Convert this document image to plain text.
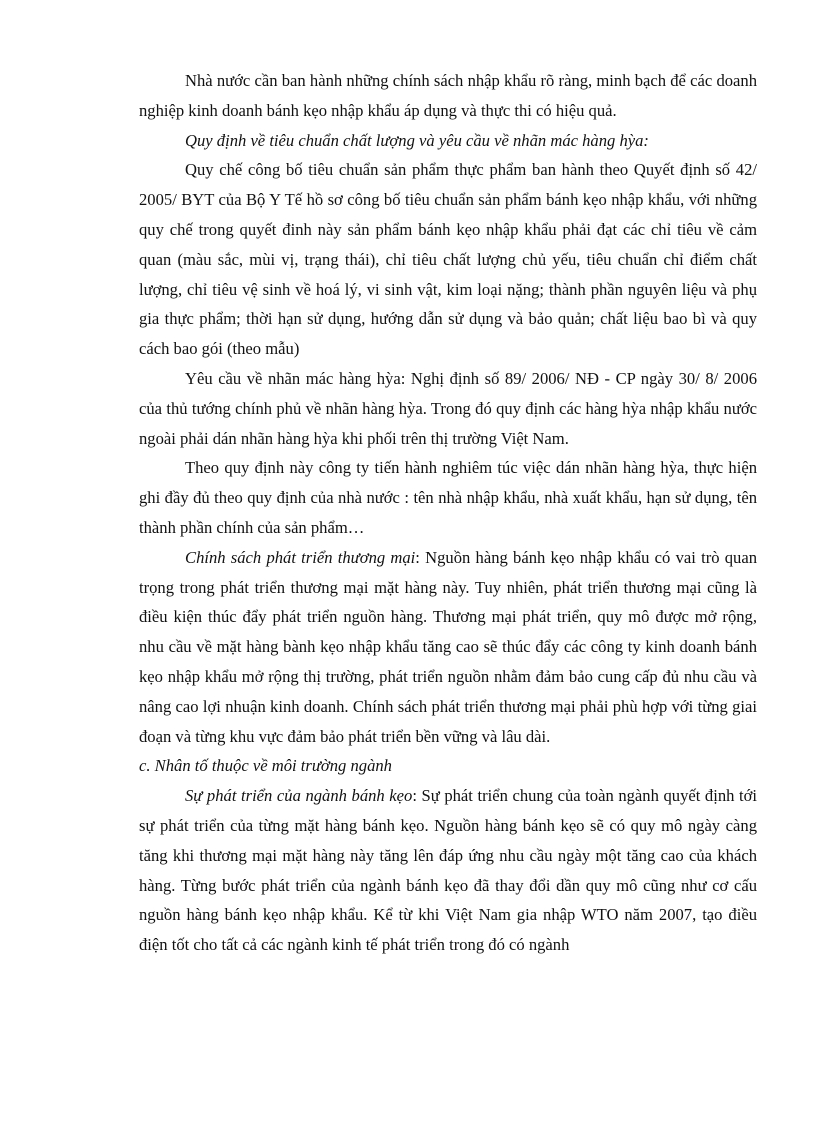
Nhà nước cần ban hành những chính sách nhập khẩu rõ ràng, minh bạch để các doanh nghiệp kinh doanh bánh kẹo nhập khẩu áp dụng và thực thi có hiệu quả.

Quy định về tiêu chuẩn chất lượng và yêu cầu về nhãn mác hàng hỳa:

Quy chế công bố tiêu chuẩn sản phẩm thực phẩm ban hành theo Quyết định số 42/ 2005/ BYT của Bộ Y Tế hồ sơ công bố tiêu chuẩn sản phẩm bánh kẹo nhập khẩu, với những quy chế trong quyết đinh này sản phẩm bánh kẹo nhập khẩu phải đạt các chỉ tiêu về cảm quan (màu sắc, mùi vị, trạng thái), chỉ tiêu chất lượng chủ yếu, tiêu chuẩn chỉ điểm chất lượng, chỉ tiêu vệ sinh về hoá lý, vi sinh vật, kim loại nặng; thành phần nguyên liệu và phụ gia thực phẩm; thời hạn sử dụng, hướng dẫn sử dụng và bảo quản; chất liệu bao bì và quy cách bao gói (theo mẫu)

Yêu cầu về nhãn mác hàng hỳa: Nghị định số 89/ 2006/ NĐ - CP ngày 30/ 8/ 2006 của thủ tướng chính phủ về nhãn hàng hỳa. Trong đó quy định các hàng hỳa nhập khẩu nước ngoài phải dán nhãn hàng hỳa khi phối trên thị trường Việt Nam.

Theo quy định này công ty tiến hành nghiêm túc việc dán nhãn hàng hỳa, thực hiện ghi đầy đủ theo quy định của nhà nước : tên nhà nhập khẩu, nhà xuất khẩu, hạn sử dụng, tên thành phần chính của sản phẩm…

Chính sách phát triển thương mại: Nguồn hàng bánh kẹo nhập khẩu có vai trò quan trọng trong phát triển thương mại mặt hàng này. Tuy nhiên, phát triển thương mại cũng là điều kiện thúc đẩy phát triển nguồn hàng. Thương mại phát triển, quy mô được mở rộng, nhu cầu về mặt hàng bành kẹo nhập khẩu tăng cao sẽ thúc đẩy các công ty kinh doanh bánh kẹo nhập khẩu mở rộng thị trường, phát triển nguồn nhằm đảm bảo cung cấp đủ nhu cầu và nâng cao lợi nhuận kinh doanh. Chính sách phát triển thương mại phải phù hợp với từng giai đoạn và từng khu vực đảm bảo phát triển bền vững và lâu dài.

c. Nhân tố thuộc về môi trường ngành

Sự phát triển của ngành bánh kẹo: Sự phát triển chung của toàn ngành quyết định tới sự phát triển của từng mặt hàng bánh kẹo. Nguồn hàng bánh kẹo sẽ có quy mô ngày càng tăng khi thương mại mặt hàng này tăng lên đáp ứng nhu cầu ngày một tăng cao của khách hàng. Từng bước phát triển của ngành bánh kẹo đã thay đổi dần quy mô cũng như cơ cấu nguồn hàng bánh kẹo nhập khẩu. Kể từ khi Việt Nam gia nhập WTO năm 2007, tạo điều điện tốt cho tất cả các ngành kinh tế phát triển trong đó có ngành
